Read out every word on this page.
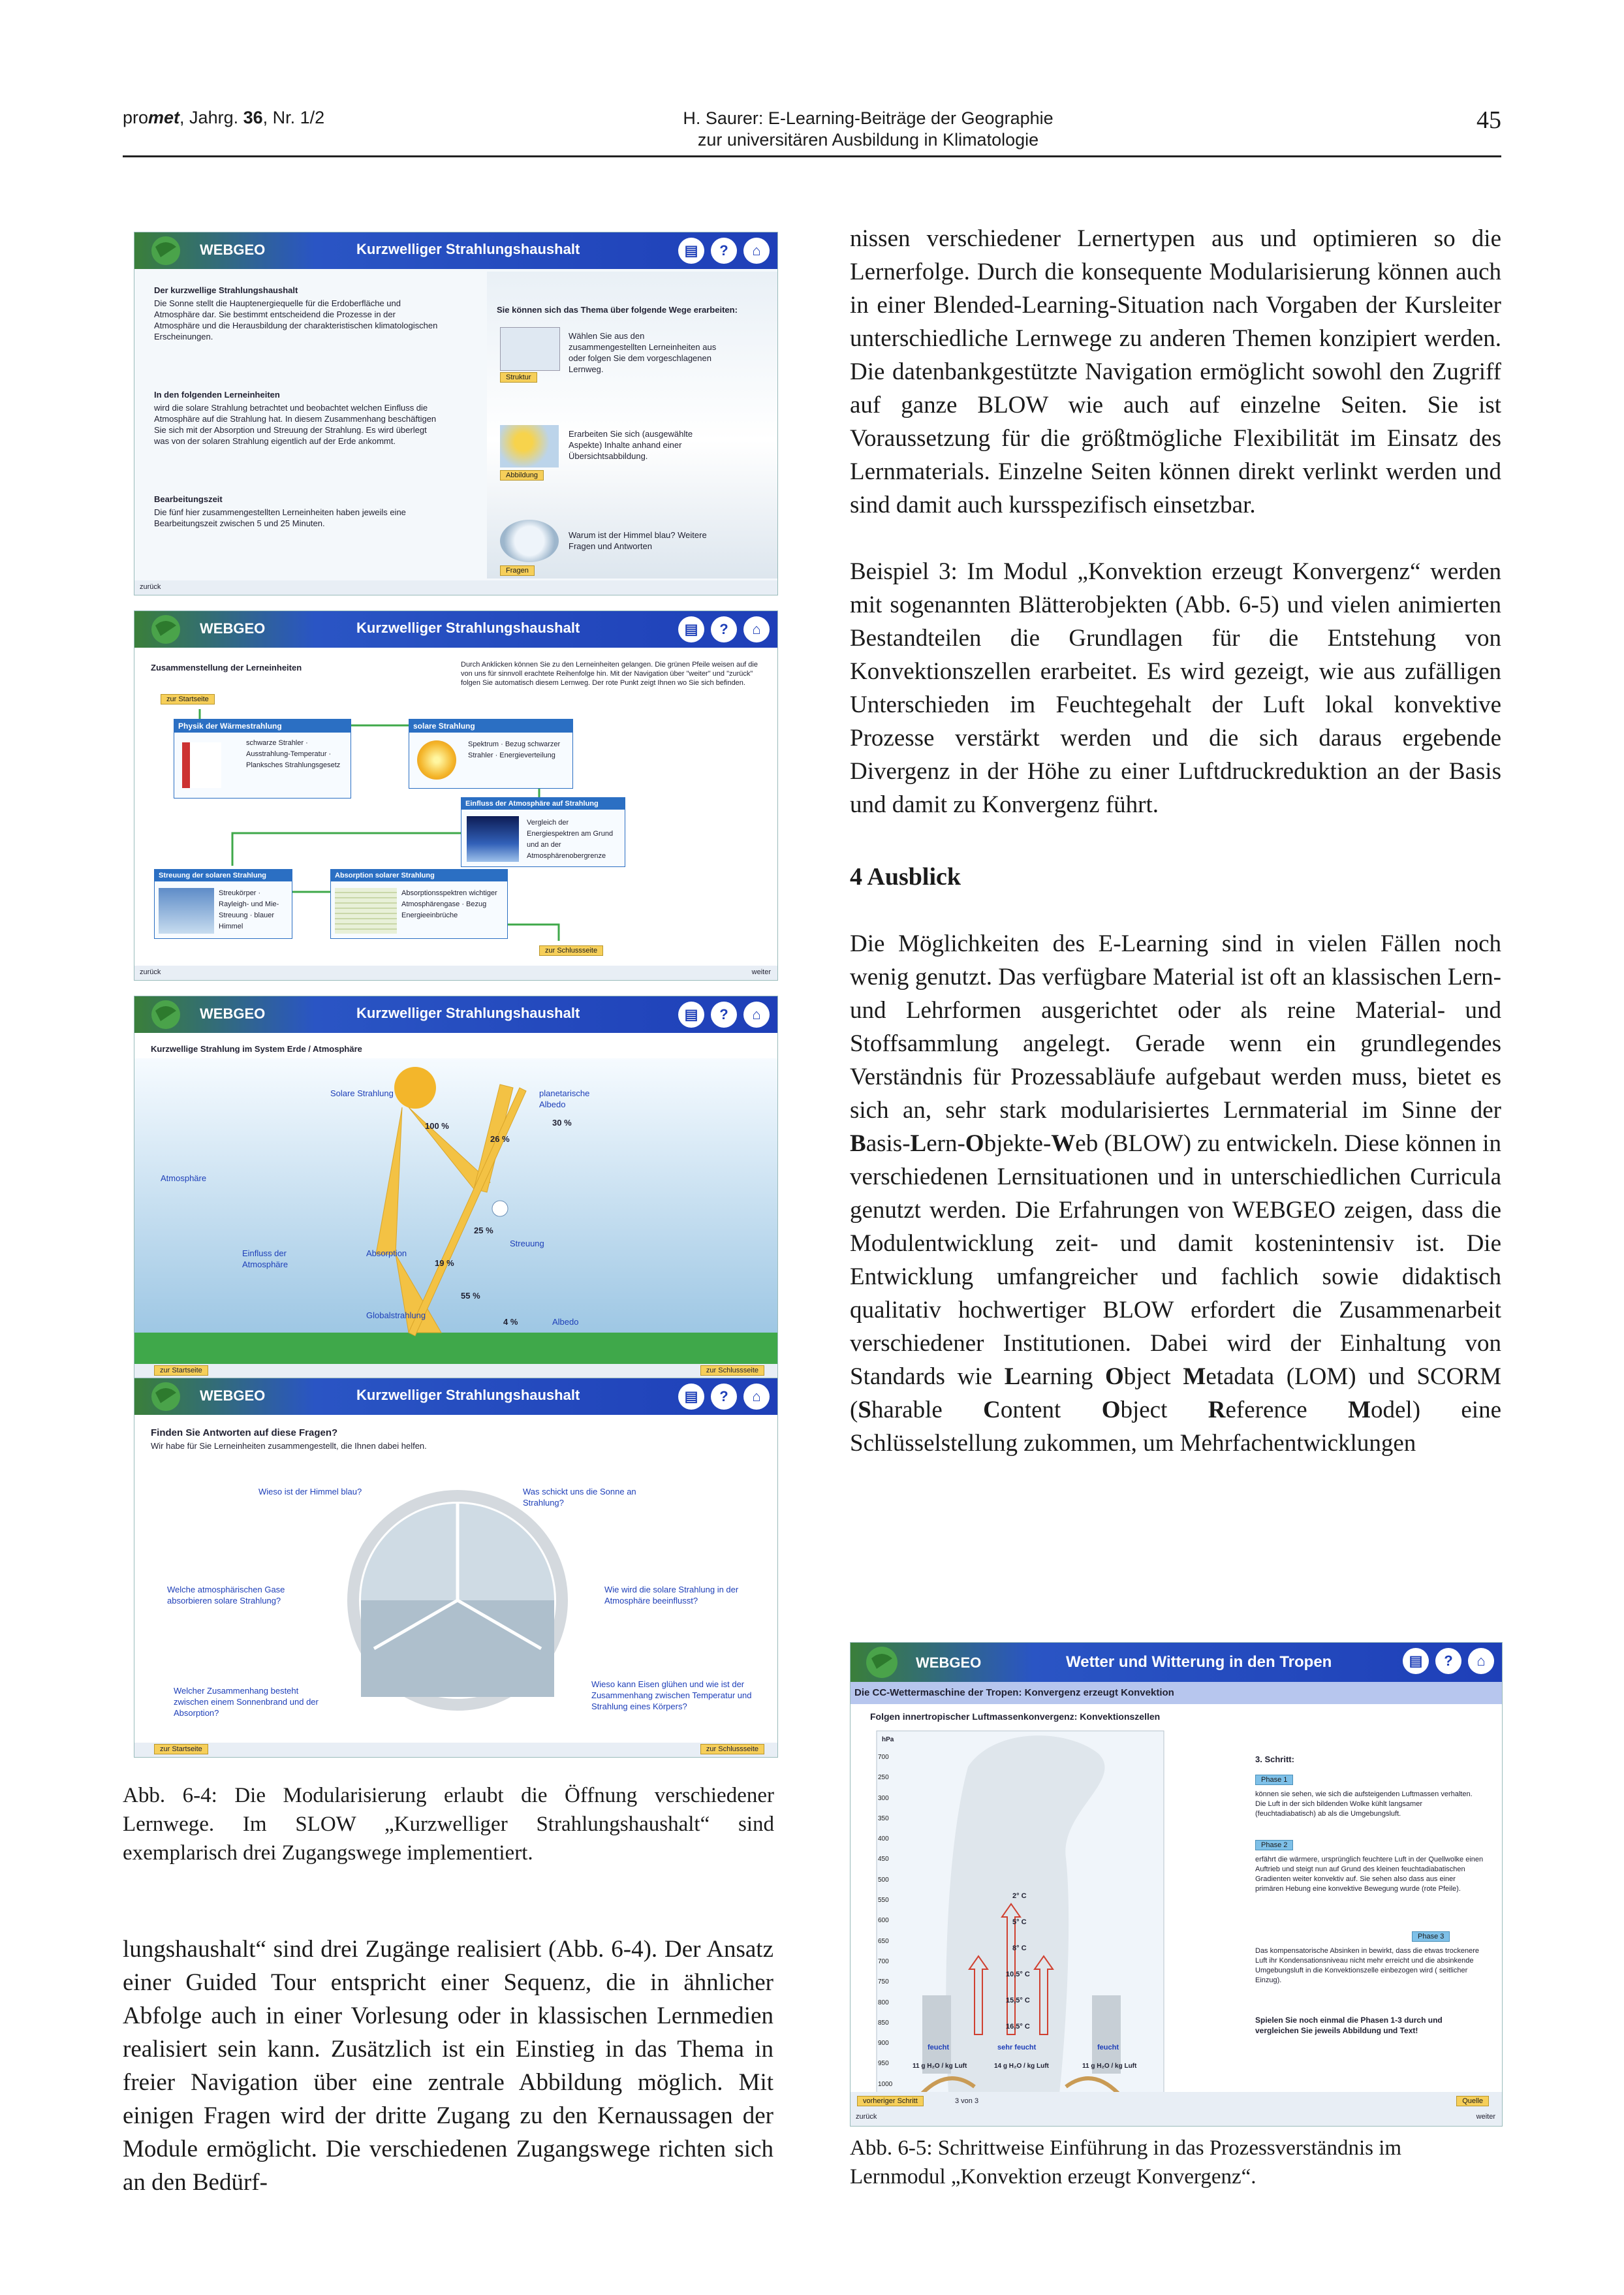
promet, Jahrg. 36, Nr. 1/2	H. Saurer: E-Learning-Beiträge der Geographie
zur universitären Ausbildung in Klimatologie
45
WEBGEO	Kurzwelliger Strahlungshaushalt	▤ ? ⌂
Der kurzwellige Strahlungshaushalt
Die Sonne stellt die Hauptenergiequelle für die Erdoberfläche und Atmosphäre dar. Sie bestimmt entscheidend die Prozesse in der Atmosphäre und die Herausbildung der charakteristischen klimatologischen Erscheinungen.
In den folgenden Lerneinheiten
wird die solare Strahlung betrachtet und beobachtet welchen Einfluss die Atmosphäre auf die Strahlung hat. In diesem Zusammenhang beschäftigen Sie sich mit der Absorption und Streuung der Strahlung. Es wird überlegt was von der solaren Strahlung eigentlich auf der Erde ankommt.
Bearbeitungszeit
Die fünf hier zusammengestellten Lerneinheiten haben jeweils eine Bearbeitungszeit zwischen 5 und 25 Minuten.
Sie können sich das Thema über folgende Wege erarbeiten:
Wählen Sie aus den zusammengestellten Lerneinheiten aus oder folgen Sie dem vorgeschlagenen Lernweg.
Struktur
Erarbeiten Sie sich (ausgewählte Aspekte) Inhalte anhand einer Übersichtsabbildung.
Abbildung
Warum ist der Himmel blau? Weitere Fragen und Antworten
Fragen
zurück
WEBGEO	Kurzwelliger Strahlungshaushalt	▤ ? ⌂
Zusammenstellung der Lerneinheiten	Durch Anklicken können Sie zu den Lerneinheiten gelangen. Die grünen Pfeile weisen auf die von uns für sinnvoll erachtete Reihenfolge hin. Mit der Navigation über "weiter" und "zurück" folgen Sie automatisch diesem Lernweg. Der rote Punkt zeigt Ihnen wo Sie sich befinden.
zur Startseite
Physik der Wärmestrahlung
schwarze Strahler · Ausstrahlung-Temperatur · Planksches Strahlungsgesetz
solare Strahlung
Spektrum · Bezug schwarzer Strahler · Energieverteilung
Einfluss der Atmosphäre auf Strahlung
Vergleich der Energiespektren am Grund und an der Atmosphärenobergrenze
Streuung der solaren Strahlung
Streukörper · Rayleigh- und Mie-Streuung · blauer Himmel
Absorption solarer Strahlung
Absorptionsspektren wichtiger Atmosphärengase · Bezug Energieeinbrüche
zur Schlussseite
zurück	weiter
WEBGEO	Kurzwelliger Strahlungshaushalt	▤ ? ⌂
Kurzwellige Strahlung im System Erde / Atmosphäre
Solare Strahlung	planetarische Albedo
Atmosphäre
Einfluss der Atmosphäre
Absorption
Streuung
Globalstrahlung
Albedo
100 %
26 %
30 %
19 %
25 %
55 %
4 %
zur Startseite	zur Schlussseite
WEBGEO	Kurzwelliger Strahlungshaushalt	▤ ? ⌂
Finden Sie Antworten auf diese Fragen?
Wir habe für Sie Lerneinheiten zusammengestellt, die Ihnen dabei helfen.
Wieso ist der Himmel blau?	Was schickt uns die Sonne an Strahlung?
Welche atmosphärischen Gase absorbieren solare Strahlung?
Wie wird die solare Strahlung in der Atmosphäre beeinflusst?
Welcher Zusammenhang besteht zwischen einem Sonnenbrand und der Absorption?
Wieso kann Eisen glühen und wie ist der Zusammenhang zwischen Temperatur und Strahlung eines Körpers?
zur Startseite	zur Schlussseite
Abb. 6-4: Die Modularisierung erlaubt die Öffnung verschiedener Lernwege. Im SLOW „Kurzwelliger Strahlungshaushalt“ sind exemplarisch drei Zugangswege implementiert.

lungshaushalt“ sind drei Zugänge realisiert (Abb. 6-4). Der Ansatz einer Guided Tour entspricht einer Sequenz, die in ähnlicher Abfolge auch in einer Vorlesung oder in klassischen Lernmedien realisiert sein kann. Zusätzlich ist ein Einstieg in das Thema in freier Navigation über eine zentrale Abbildung möglich. Mit einigen Fragen wird der dritte Zugang zu den Kernaussagen der Module ermöglicht. Die verschiedenen Zugangswege richten sich an den Bedürf-

nissen verschiedener Lernertypen aus und optimieren so die Lernerfolge. Durch die konsequente Modularisierung können auch in einer Blended-Learning-Situation nach Vorgaben der Kursleiter unterschiedliche Lernwege zu anderen Themen konzipiert werden. Die datenbankgestützte Navigation ermöglicht sowohl den Zugriff auf ganze BLOW wie auch auf einzelne Seiten. Sie ist Voraussetzung für die größtmögliche Flexibilität im Einsatz des Lernmaterials. Einzelne Seiten können direkt verlinkt werden und sind damit auch kursspezifisch einsetzbar.

Beispiel 3: Im Modul „Konvektion erzeugt Konvergenz“ werden mit sogenannten Blätterobjekten (Abb. 6-5) und vielen animierten Bestandteilen die Grundlagen für die Entstehung von Konvektionszellen erarbeitet. Es wird gezeigt, wie aus zufälligen Unterschieden im Feuchtegehalt der Luft lokal konvektive Prozesse verstärkt werden und die sich daraus ergebende Divergenz in der Höhe zu einer Luftdruckreduktion an der Basis und damit zu Konvergenz führt.

4 Ausblick

Die Möglichkeiten des E-Learning sind in vielen Fällen noch wenig genutzt. Das verfügbare Material ist oft an klassischen Lern- und Lehrformen ausgerichtet oder als reine Material- und Stoffsammlung angelegt. Gerade wenn ein grundlegendes Verständnis für Prozessabläufe aufgebaut werden muss, bietet es sich an, sehr stark modularisiertes Lernmaterial im Sinne der Basis-Lern-Objekte-Web (BLOW) zu entwickeln. Diese können in verschiedenen Lernsituationen und in unterschiedlichen Curricula genutzt werden. Die Erfahrungen von WEBGEO zeigen, dass die Modulentwicklung zeit- und damit kostenintensiv ist. Die Entwicklung umfangreicher und fachlich sowie didaktisch qualitativ hochwertiger BLOW erfordert die Zusammenarbeit verschiedener Institutionen. Dabei wird der Einhaltung von Standards wie Learning Object Metadata (LOM) und SCORM (Sharable Content Object Reference Model) eine Schlüsselstellung zukommen, um Mehrfachentwicklungen

WEBGEO	Wetter und Witterung in den Tropen	▤ ? ⌂
Die CC-Wettermaschine der Tropen: Konvergenz erzeugt Konvektion
Folgen innertropischer Luftmassenkonvergenz: Konvektionszellen
hPa
700
250
300
350
400
450
500
550
600
650
700
750
800
850
900
950
1000
2° C
5° C
8° C
10,5° C
15,5° C
16,5° C
feucht	sehr feucht	feucht
11 g H₂O / kg Luft	14 g H₂O / kg Luft	11 g H₂O / kg Luft
3. Schritt:
Phase 1
können sie sehen, wie sich die aufsteigenden Luftmassen verhalten. Die Luft in der sich bildenden Wolke kühlt langsamer (feuchtadiabatisch) ab als die Umgebungsluft.
Phase 2
erfährt die wärmere, ursprünglich feuchtere Luft in der Quellwolke einen Auftrieb und steigt nun auf Grund des kleinen feuchtadiabatischen Gradienten weiter konvektiv auf. Sie sehen also dass aus einer primären Hebung eine konvektive Bewegung wurde (rote Pfeile).
Phase 3
Das kompensatorische Absinken in bewirkt, dass die etwas trockenere Luft ihr Kondensationsniveau nicht mehr erreicht und die absinkende Umgebungsluft in die Konvektionszelle einbezogen wird ( seitlicher Einzug).
Spielen Sie noch einmal die Phasen 1-3 durch und vergleichen Sie jeweils Abbildung und Text!
vorheriger Schritt	3 von 3	Quelle
zurück	weiter
Abb. 6-5: Schrittweise Einführung in das Prozessverständnis im Lernmodul „Konvektion erzeugt Konvergenz“.
